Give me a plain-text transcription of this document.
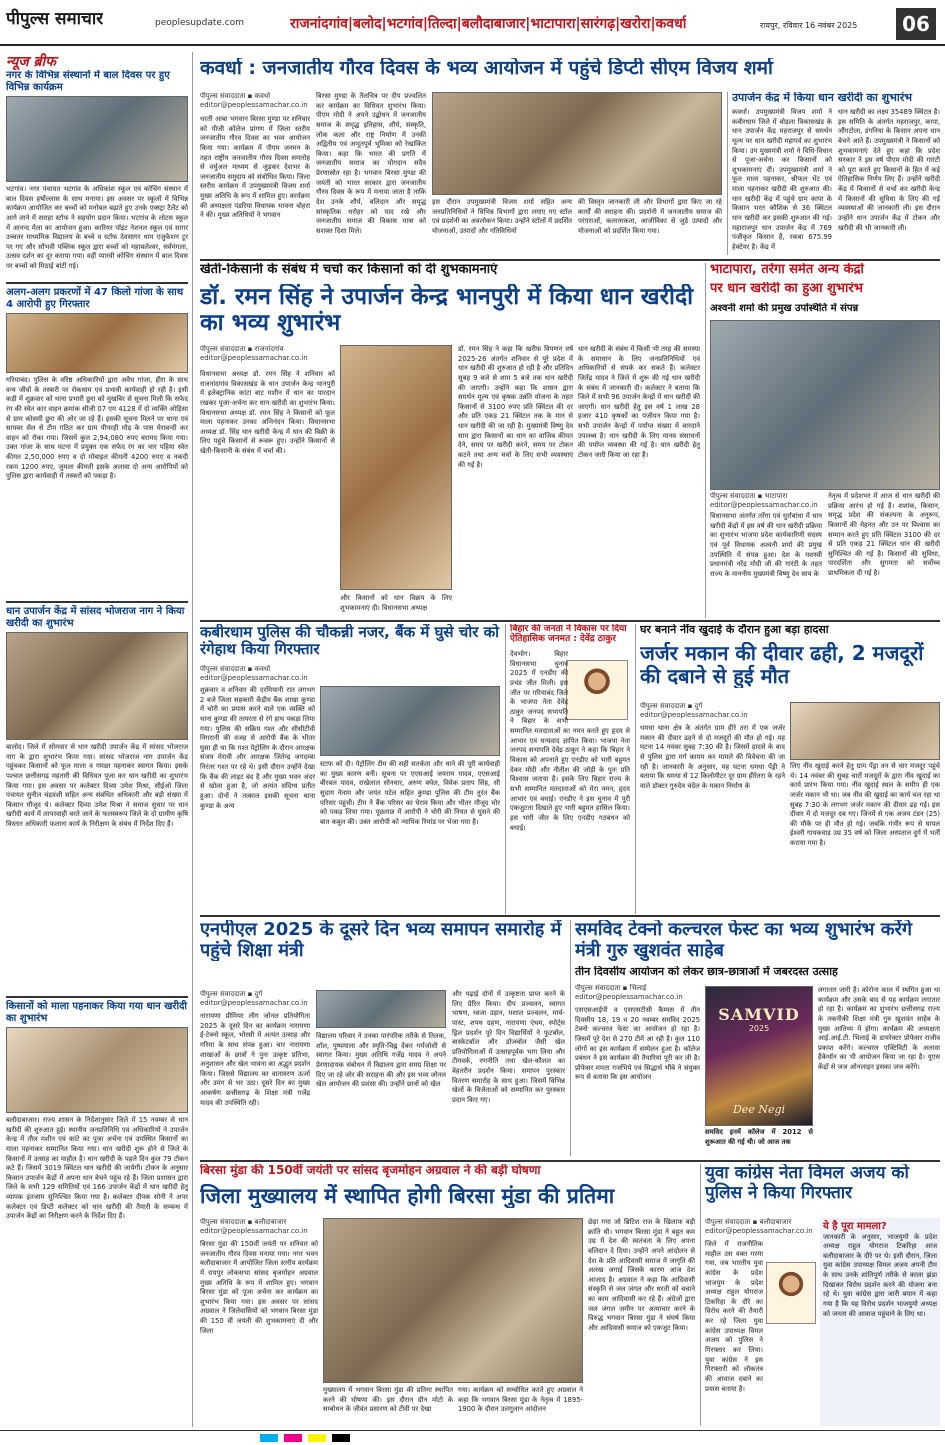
पीपुल्स समाचार	peoplesupdate.com	राजनांदगांव|बलोद|भटगांव|तिल्दा|बलौदाबाजार|भाटापारा|सारंगढ़|खरोरा|कवर्धा	रायपुर, रविवार 16 नवंबर 2025	06
न्यूज ब्रीफ
नगर के विभिन्न संस्थानों में बाल दिवस पर हुए विभिन्न कार्यक्रम
भटगांव। नगर पंचायत भटगांव के अधिकांश स्कूल एवं कोचिंग संस्थान में बाल दिवस हर्षोल्लास के साथ मनाया। इस अवसर पर स्कूलों में विभिन्न कार्यक्रम आयोजित कर बच्चों को मनोबल बढ़ाते हुए उनके एक्स्ट्रा टैलेंट को आगे लाने में सराहा स्टॉफ ने सहयोग प्रदान किया। भटगांव के लोटस स्कूल में आनन्द मेला का आयोजन हुआ। कारियर पॉइंट नेशनल स्कूल एवं सागर उच्चतर माध्यमिक विद्यालय के बच्चे व स्टॉफ देवसागर धाम एजुकेशन टूर पर गए और साँभवी पब्लिक स्कूल द्वारा बच्चों को महाबलेश्वर, सर्वमंगला, उत्सव दर्शन का दूर कराया गया। वहीं प्यारवी कोचिंग संस्थान में बाल दिवस पर बच्चों को मिठाई बांटी गई।
अलग-अलग प्रकरणों में 47 किलो गांजा के साथ 4 आरोपी हुए गिरफ्तार
गरियाबंद। पुलिस के वरिष्ठ अधिकारियों द्वारा अवैध गांजा, हीरा के साथ वन्य जीवों के तस्करी पर रोकथाम एवं प्रभावी कार्यवाही हो रही है। इसी कड़ी में शुक्रवार को थाना प्रभारी छुरा को मुखबिर से सूचना मिली कि सफेद रंग की स्वेत कार वाहन क्रमांक सीजी 07 एम 4128 में दो व्यक्ति ओड़िसा से ग्राम कोसमी छुरा की ओर जा रहे हैं। इसकी सूचना मिलने पर थाना एवं सायबर सेल से टीम गठित कर ग्राम पीपरही मोड़ के पास घेराबन्दी कर वाहन को रोका गया। जिसमें कुल 2,94,080 रुपए बरामद किया गया। उक्त गांजा के साथ घटना में प्रयुक्त एक सफेद रंग का चार पहिया स्वेत कीमत 2,50,000 रुपए व दो मोबाइल कीमती 4200 रुपए व नकदी रकम 1200 रुपए, जुमला कीमती इसके अलावा दो अन्य आरोपियों को पुलिस द्वारा कार्यवाही में तस्करों को पकड़ा है।
धान उपार्जन केंद्र में सांसद भोजराज नाग ने किया खरीदी का शुभारंभ
बालोद। जिले में सोमवार से धान खरीदी उपार्जन केंद्र में सांसद भोजराज नाग के द्वारा शुभारंभ किया गया। सांसद भोजराज नाग उपार्जन केंद्र पहुंचकर किसानों को फूल माला व गमछा पहनाकर स्वागत किया। इसके पश्चात छत्तीसगढ़ महतारी की विधिवत पूजा कर धान खरीदी का शुभारंभ किया गया। इस अवसर पर कलेक्टर दिव्या उमेश मिश्रा, सीईओ जिला पंचायत सुनील चंद्रवंशी सहित अन्य संबंधित अधिकारी और बड़ी संख्या में किसान मौजूद थे। कलेक्टर दिव्या उमेश मिश्रा ने समाज सुधार पर धान खरीदी कार्य में लापरवाही बरते जाने के फलस्वरूप जिले के दो ग्रामीण कृषि विस्तार अधिकारी फलाना कार्य के निरीक्षण के संबंध में निर्देश दिए हैं।
किसानों को माला पहनाकर किया गया धान खरीदी का शुभारंभ
बलौदाबाजार। राज्य शासन के निर्देशानुसार जिले में 15 नवम्बर से धान खरीदी की शुरुआत हुई। स्थानीय जनप्रतिनिधि एवं अधिकारियों ने उपार्जन केन्द्र में तौल मशीन एवं कांटे का पूजा अर्चना एवं उपस्थित किसानों का माला पहनाकर सम्मानित किया गया। धान खरीदी शुरू होने से जिले के किसानों में उत्साह का माहौल है। धान खरीदी के पहले दिन कुल 79 टोकन कटे हैं। जिसमें 3019 क्विंटल धान खरीदी की जायेगी। टोकन के अनुसार किसान उपार्जन केंद्रों में अपना धान बेचने पहुंच रहे हैं। जिला प्रशासन द्वारा जिले के सभी 129 समितियों एवं 166 उपार्जन केंद्रों में धान खरीदी हेतु व्यापक इंतजाम सुनिश्चित किया गया है। कलेक्टर दीपक सोनी ने अपर कलेक्टर एवं डिप्टी कलेक्टर को धान खरीदी की तैयारी के सम्बन्ध में उपार्जन केंद्रों का निरीक्षण करने के निर्देश दिए हैं।
कवर्धा : जनजातीय गौरव दिवस के भव्य आयोजन में पहुंचे डिप्टी सीएम विजय शर्मा
पीपुल्स संवाददाता ▪ कवर्धा
editor@peoplessamachar.co.in
धरती आबा भगवान बिरसा मुण्डा पर शनिवार को पीजी कॉलेज प्रांगण में जिला स्तरीय जनजातीय गौरव दिवस का भव्य आयोजन किया गया। कार्यक्रम में पीएम जनमन के तहत राष्ट्रीय जनजातीय गौरव दिवस समारोह से वर्चुअल माध्यम से जुड़कर देशभर के जनजातीय समुदाय को संबोधित किया। जिला स्तरीय कार्यक्रम में उपमुख्यमंत्री विजय शर्मा मुख्य अतिथि के रूप में शामिल हुए। कार्यक्रम की अध्यक्षता पंडरिया विधायक भावना बोहरा ने की। मुख्य अतिथियों ने भगवान
बिरसा मुण्डा के तैलचित्र पर दीप प्रज्वलित कर कार्यक्रम का विधिवत शुभारंभ किया। पीएम मोदी ने अपने उद्बोधन में जनजातीय समाज के समृद्ध इतिहास, शौर्य, संस्कृति, लोक कला और राष्ट्र निर्माण में उनकी अद्वितीय एवं अभूतपूर्व भूमिका को रेखांकित किया। कहा कि भारत की प्रगति में जनजातीय समाज का योगदान सदैव प्रेरणास्रोत रहा है। भगवान बिरसा मुण्डा की जयंती को भारत सरकार द्वारा जनजातीय गौरव दिवस के रूप में मनाया जाता है ताकि देश उनके शौर्य, बलिदान और समृद्ध सांस्कृतिक धरोहर को याद रखे और जनजातीय समाज की विकास यात्रा को सशक्त दिशा मिले।
इस दौरान उपमुख्यमंत्री विजय शर्मा सहित अन्य जनप्रतिनिधियों ने विभिन्न विभागों द्वारा लगाए गए स्टॉल एवं प्रदर्शनी का अवलोकन किया। उन्होंने स्टॉलों में प्रदर्शित योजनाओं, उत्पादों और गतिविधियों
की विस्तृत जानकारी ली और विभागों द्वारा किए जा रहे कार्यों की सराहना की। प्रदर्शनी में जनजातीय समाज की परंपराओं, कलात्मकता, आजीविका से जुड़े उत्पादों और योजनाओं को प्रदर्शित किया गया।
उपार्जन केंद्र में किया धान खरीदी का शुभारंभ
कवर्धा। उपमुख्यमंत्री विजय शर्मा ने कबीरधाम जिले में बोड़ला विकासखंड के धान उपार्जन केंद्र महराजपुर से समर्थन मूल्य पर धान खरीदी महापर्व का शुभारंभ किया। उप मुख्यमंत्री शर्मा ने विधि-विधान से पूजा-अर्चना कर किसानों को शुभकामनाएं दीं। उपमुख्यमंत्री शर्मा ने फूल माला पहनाकर, श्रीफल भेंट एवं माला पहनाकर खरीदी की शुरुआत की। धान खरीदी केंद्र में पहुंचे ग्राम कापा के किसान भरत कौशिक से 36 क्विंटल धान खरीदी कर इसकी शुरुआत की गई। महाराजपुर धान उपार्जन केंद्र में 769 पंजीकृत किसान है, रकबा 675.99 हेक्टेयर है। केंद्र में
धान खरीदी का लक्ष्य 35489 क्विंटल है। इस समिति के अंतर्गत महराजपुर, कापा, जौंगटोला, डंगनिया के किसान अपना धान बेचने आते हैं। उपमुख्यमंत्री ने किसानों को शुभकामनाएं देते हुए कहा कि प्रदेश सरकार ने इस वर्ष पीएम मोदी की गारंटी को पूरा करते हुए किसानों के हित में कई ऐतिहासिक निर्णय लिए हैं। उन्होंने खरीदी केंद्र में किसानों से चर्चा कर खरीदी केन्द्र में किसानों की सुविधा के लिए की गई व्यवस्थाओं की जानकारी ली। इस दौरान उन्होंने धान उपार्जन केंद्र में टोकन और खरीदी की भी जानकारी ली।
खेती-किसानी के संबंध में चर्चा कर किसानों को दी शुभकामनाएं
डॉ. रमन सिंह ने उपार्जन केन्द्र भानपुरी में किया धान खरीदी का भव्य शुभारंभ
पीपुल्स संवाददाता ▪ राजनांदगांव
editor@peoplessamachar.co.in
विधानसभा अध्यक्ष डॉ. रमन सिंह ने शनिवार को राजनांदगांव विकासखंड के धान उपार्जन केन्द्र भानपुरी में इलेक्ट्रानिक कांटा बाट मशीन में धान का पारदान रखकर पूजा-अर्चना कर धान खरीदी का शुभारंभ किया। विधानसभा अध्यक्ष डॉ. रमन सिंह ने किसानों को फूल माला पहनाकर उनका अभिनंदन किया। विधानसभा अध्यक्ष डॉ. सिंह धान खरीदी केन्द्र में धान की बिक्री के लिए पहुंचे किसानों से रूबरू हुए। उन्होंने किसानों से खेती-किसानी के संबंध में चर्चा की।
और किसानों को धान विक्रय के लिए शुभकामनाएं दी। विधानसभा अध्यक्ष
डॉ. रमन सिंह ने कहा कि खरीफ विपणन वर्ष 2025-26 अंतर्गत शनिवार से पूरे प्रदेश में धान खरीदी की शुरुआत हो रही है और प्रतिदिन सुबह 9 बजे से शाम 5 बजे तक धान खरीदी की जाएगी। उन्होंने कहा कि शासन द्वारा समर्थन मूल्य एवं कृषक उन्नति योजना के तहत किसानों से 3100 रुपए प्रति क्विंटल की दर और प्रति एकड़ 21 क्विंटल तक के मान से धान खरीदी की जा रही है। मुख्यमंत्री विष्णु देव साय द्वारा किसानों का धान का वाजिब कीमत देने, समय पर खरीदी करने, समय पर टोकन कटने तथा अन्य चर्चा के लिए सभी व्यवस्थाएं की गई है।
धान खरीदी के संबंध में किसी भी तरह की समस्या के समाधान के लिए जनप्रतिनिधियों एवं अधिकारियों से संपर्क कर सकते हैं। कलेक्टर जितेंद्र यादव ने जिले में शुरू की गई धान खरीदी के संबंध में जानकारी दी। कलेक्टर ने बताया कि जिले में सभी 96 उपार्जन केन्द्रों में धान खरीदी की जाएगी। धान खरीदी हेतु इस वर्ष 1 लाख 28 हजार 410 कृषकों का पंजीयन किया गया है। सभी उपार्जन केन्द्रों में पर्याप्त संख्या में बारदाने उपलब्ध है। धान खरीदी के लिए मानव संसाधनों की पर्याप्त व्यवस्था की गई है। धान खरीदी हेतु टोकन जारी किया जा रहा है।
भाटापारा, तरेंगा समेत अन्य केंद्रों
पर धान खरीदी का हुआ शुभारंभ
अश्वनी शर्मा की प्रमुख उपस्थिति में संपन्न
पीपुल्स संवाददाता ▪ भाटापारा
editor@peoplessamachar.co.in
विधानसभा अंतर्गत तरेंगा एवं धुर्राबांधा में धान खरीदी केंद्रों में इस वर्ष की धान खरीदी प्रक्रिया का शुभारंभ भाजपा प्रदेश कार्यकारिणी सदस्य एवं पूर्व विधायक अश्वनी शर्मा की प्रमुख उपस्थिति में संपन्न हुआ। देश के यशस्वी प्रधानमंत्री नरेंद्र मोदी जी की गारंटी के तहत राज्य के माननीय मुख्यमंत्री विष्णु देव साय के
नेतृत्व में प्रदेशभर में आज से धान खरीदी की प्रक्रिया आरंभ हो गई है। शशांक, किसान, समृद्ध प्रदेश की संकल्पना के अनुरूप, किसानों की मेहनत और उन पर विश्वास का सम्मान करते हुए प्रति क्विंटल 3100 की दर से प्रति एकड़ 21 क्विंटल धान की खरीदी सुनिश्चित की गई है। किसानों की सुविधा, पारदर्शिता और सुगमता को सर्वोच्च प्राथमिकता दी गई है।
कबीरधाम पुलिस की चौकन्नी नजर, बैंक में घुसे चोर को रंगेहाथ किया गिरफ्तार
पीपुल्स संवाददाता ▪ कवर्धा
editor@peoplessamachar.co.in
शुक्रवार व शनिवार की दरमियानी रात लगभग 2 बजे जिला सहकारी केंद्रीय बैंक शाखा कुण्डा में चोरी का प्रयास करने वाले एक व्यक्ति को थाना कुण्डा की तत्परता से रंगे हाथ पकड़ा लिया गया। पुलिस की सक्रिय गश्त और सीसीटीवी निगरानी की वजह से आरोपी बैंक के भीतर घुसा ही था कि गश्त पेट्रोलिंग के दौरान आरक्षक संजय मेरावी और आरक्षक जितेन्द्र जगदम्बा निरंतर गश्त पर रहे थे। इसी दौरान उन्होंने देखा कि बैंक की लाइट बंद है और मुख्य भवन अंदर से खोला हुआ है, जो अत्यंत संदिग्ध प्रतीत हुआ। दोनों ने तत्काल इसकी सूचना थाना कुण्डा के अन्य
स्टाफ को दी। पेट्रोलिंग टीम की सही सतर्कता और थाने की पूरी कार्यवाही का मुख्य कारण बनी। सूचना पर एएसआई जयराम यादव, एएसआई बीरबल यादव, राखेलाल सोनवार, अरुण बघेल, विवेक प्रताप सिंह, सी सुदाम नेताम और जयंत पटेल सहित कुण्डा पुलिस की टीम तुरंत बैंक परिसर पहुंची। टीम ने बैंक परिसर का घेराव किया और भीतर मौजूद चोर को पकड़ लिया गया। पूछताछ में आरोपी ने चोरी की नियत से घुसने की बात कबूल की। उक्त आरोपी को न्यायिक रिमांड पर भेजा गया है।
बिहार की जनता ने विकास पर दिया ऐतिहासिक जनमत : देवेंद्र ठाकुर
देवभोग। बिहार विधानसभा चुनाव 2025 में एनडीए की प्रचंड जीत मिली। इस जीत पर गरियाबंद जिले के भाजपा नेता देवेंद्र ठाकुर जनपद सभापति ने बिहार के सभी सम्मानित मतदाताओं का नमन करते हुए हृदय से आभार एवं धन्यवाद ज्ञापित किया। भाजपा नेता जनपद सभापति देवेंद्र ठाकुर ने कहा कि बिहार ने विकास को अपनाते हुए एनडीए को भारी बहुमत देकर मोदी और नीतीश की जोड़ी के पुनः प्रति विश्वास जताया है। इसके लिए बिहार राज्य के सभी सम्मानित मतदाताओं को मेरा नमन, हृदय आभार एवं बधाई। एनडीए ने इस चुनाव में पूरी एकजुटता दिखाते हुए भारी बहुमत हासिल किया। इस भारी जीत के लिए एनडीए गठबंधन को बधाई।
घर बनाने नींव खुदाई के दौरान हुआ बड़ा हादसा
जर्जर मकान की दीवार ढही, 2 मजदूरों की दबाने से हुई मौत
पीपुल्स संवाददाता ▪ दुर्ग
editor@peoplessamachar.co.in
धमधा थाना क्षेत्र के अंतर्गत ग्राम हीरे तरा में एक जर्जर मकान की दीवार ढहने से दो मजदूरों की मौत हो गई। यह घटना 14 नवंबर सुबह 7:30 की है। जिसमें हादसे के बाद से पुलिस द्वारा मर्ग कायम कर मामले की विवेचना की जा रही है। जानकारी के अनुसार, यह घटना धमधा पेंड्री ने बताया कि धमधा से 12 किलोमीटर दूर ग्राम हीरेतरा के रहने वाले डॉक्टर गुरुदेव चंदेल के मकान निर्माण के
लिए नींव खुदाई करने हेतु ग्राम पेंड्रा तन से चार मजदूर पहुंचे थे। 14 नवंबर की सुबह चारों मजदूरों के द्वारा नींव खुदाई का कार्य प्रारंभ किया गया। नींव खुदाई स्थल के समीप ही एक जर्जर मकान भी था। जब नींव की खुदाई का कार्य चल रहा था सुबह 7:30 के लगभग जर्जर मकान की दीवार ढह गई। इस दीवार में दो मजदूर दब गए। जिनमें से एक अजय टंडन (25) की मौके पर ही मौत हो गई। जबकि गंभीर रूप से घायल ईश्वरी गायकवाड़ उम्र 35 वर्ष को जिला अस्पताल दुर्ग में भर्ती कराया गया है।
एनपीएल 2025 के दूसरे दिन भव्य समापन समारोह में पहुंचे शिक्षा मंत्री
पीपुल्स संवाददाता ▪ दुर्ग
editor@peoplessamachar.co.in
नारायणा प्रीमियर लीग जोनल प्रतियोगिता 2025 के दूसरे दिन का कार्यक्रम नारायणा ई-टेक्नो स्कूल, भोरसी में अत्यंत उत्साह और गरिमा के साथ संपन्न हुआ। चार नारायणा शाखाओं के छात्रों ने पुनः उत्कृष्ट प्रतिभा, अनुशासन और खेल भावना का अद्भुत प्रदर्शन किया। जिससे विद्यालय का वातावरण ऊर्जा और उमंग से भर उठा। दूसरे दिन का मुख्य आकर्षण छत्तीसगढ़ के शिक्षा मंत्री गजेंद्र यादव की उपस्थिति रही।
विद्यालय परिवार ने उनका पारंपरिक तरीके से तिलक, शॉल, पुष्पमाला और स्मृति-चिह्न देकर गर्मजोशी से स्वागत किया। मुख्य अतिथि गजेंद्र यादव ने अपने प्रेरणादायक संबोधन में विद्यालय द्वारा समग्र शिक्षा पर दिए जा रहे जोर की सराहना की और इस भव्य जोनल खेल आयोजन की प्रशंसा की। उन्होंने छात्रों को खेल
और पढ़ाई दोनों में उत्कृष्टता प्राप्त करने के लिए प्रेरित किया। दीप प्रज्वलन, स्वागत भाषण, ध्वजा उड़ान, मशाल प्रज्वलन, मार्च-पास्ट, शपथ ग्रहण, नारायणा एंथम, स्पोर्ट्स ड्रिल प्रदर्शन पूरे दिन विद्यार्थियों ने फुटबॉल, बास्केटबॉल और डॉजबॉल जैसी खेल प्रतियोगिताओं में उत्साहपूर्वक भाग लिया और टीमवर्क, रणनीति तथा खेल-कौशल का बेहतरीन प्रदर्शन किया। समापन पुरस्कार वितरण समारोह के साथ हुआ। जिसमें विभिन्न खेलों के विजेताओं को सम्मानित कर पुरस्कार प्रदान किए गए।
समविद टेक्नो कल्चरल फेस्ट का भव्य शुभारंभ करेंगे मंत्री गुरु खुशवंत साहेब
तीन दिवसीय आयोजन को लेकर छात्र-छात्राओं में जबरदस्त उत्साह
पीपुल्स संवाददाता ▪ भिलाई
editor@peoplessamachar.co.in
एसएसआईपी व एसएसटीसी कैम्पस में तीन दिवसीय 18, 19 व 20 नवम्बर समविद 2025 टेक्नो कल्चरल फेस्ट का आयोजन हो रहा है। जिसमें पूरे देश से 270 टीमें आ रही है। कुल 110 लोगों का इस कार्यक्रम में सम्मेलन हुआ है। कॉलेज प्रबंधन ने इस कार्यक्रम की तैयारियां पूरी कर ली है। प्रोफेसर ममता गजभिये एवं सिद्धार्थ भींबे ने संयुक्त रूप से बताया कि इस आयोजन
SAMVID
2025
Dee Negi
समविद इनमें कॉलेज में 2012 से शुरूआत की गई थी। जो आज तक
लगातार जारी है। कोरोना काल में स्थगित हुआ था कार्यक्रम और उसके बाद से यह कार्यक्रम लगातार हो रहा है। कार्यक्रम का शुभारंभ छत्तीसगढ़ राज्य के तकनीकी शिक्षा मंत्री गुरु खुशवंत साहेब के मुख्य आतिथ्य में होगा। कार्यक्रम की अध्यक्षता आई.आई.टी. भिलाई के डायरेक्टर प्रोफेसर राजीव प्रकाश करेंगे। कल्चरल एक्टिविटी के अलावा हैकेथॉन का भी आयोजन किया जा रहा है। यूएस केंद्रों से जज ऑनलाइन इसका जज करेंगे।
बिरसा मुंडा की 150वीं जयंती पर सांसद बृजमोहन अग्रवाल ने की बड़ी घोषणा
जिला मुख्यालय में स्थापित होगी बिरसा मुंडा की प्रतिमा
पीपुल्स संवाददाता ▪ बलौदाबाजार
editor@peoplessamachar.co.in
बिरसा मुंडा की 150वीं जयंती पर शनिवार को जनजातीय गौरव दिवस मनाया गया। नगर भवन बलौदाबाजार में आयोजित जिला स्तरीय कार्यक्रम में रायपुर लोकसभा सांसद बृजमोहन अग्रवाल मुख्य अतिथि के रूप में शामिल हुए। भगवान बिरसा मुंडा को पूजा अर्चना कर कार्यक्रम का शुभारंभ किया गया। इस अवसर पर सांसद अग्रवाल ने जिलेवासियों को भगवान बिरसा मुंडा की 150 वीं जयंती की शुभकामनाएं दी और जिला
मुख्यालय में भगवान बिरसा मुंडा की प्रतिमा स्थापित करने की घोषणा की। इस दौरान ग्रीन मोटो के सम्बोधन के जीवंत प्रसारण को टीवी पर देखा
गया। कार्यक्रम को सम्बोधित करते हुए अग्रवाल ने कहा कि भगवान बिरसा मुंडा के नेतृत्व में 1895-1900 के दौरान उलगुलान आंदोलन
छेड़ा गया जो ब्रिटिश राज के खिलाफ बड़ी क्रांति थी। भगवान बिरसा मुंडा ने बहुत कम उम्र में देश की स्वतंत्रता के लिए अपना बलिदान दे दिया। उन्होंने अपने आंदोलन से देश के प्रति आदिवासी समाज में जागृति की अलख जगाई जिसके कारण आज देश आजाद है। अग्रवाल ने कहा कि आदिवासी संस्कृति से जल जंगल और धरती को बचाने का काम आदिवासी कर रहे हैं। अंग्रेजों द्वारा जल जंगल जमीन पर अत्याचार करने के विरुद्ध भगवान बिरसा मुंडा ने संघर्ष किया और आदिवासी समाज को एकजुट किया।
युवा कांग्रेस नेता विमल अजय को पुलिस ने किया गिरफ्तार
पीपुल्स संवाददाता ▪ बलौदाबाजार
editor@peoplessamachar.co.in
जिले में राजनीतिक माहौल उस वक्त गरमा गया, जब भारतीय युवा कांग्रेस के प्रदेश भाजयुम के प्रदेश अध्यक्ष राहुल योगराज टिकरिहा के दौरे का विरोध करने की तैयारी कर रहे जिला युवा कांग्रेस उपाध्यक्ष विमल अजय को पुलिस ने गिरफ्तार कर लिया। युवा कांग्रेस ने इस गिरफ्तारी को लोकतंत्र की आवाज दबाने का प्रयास बताया है।
ये है पूरा मामला?
जानकारी के अनुसार, भाजयुमो के प्रदेश अध्यक्ष राहुल योगराज टिकरिहा आज बलौदाबाजार के दौरे पर थे। इसी दौरान, जिला युवा कांग्रेस उपाध्यक्ष विमल अजय अपनी टीम के साथ उनके शांतिपूर्ण तरीके से काला झंडा दिखाकर विरोध प्रदर्शन करने की योजना बना रहे थे। युवा कांग्रेस द्वारा जारी बयान में कहा गया है कि यह विरोध प्रदर्शन भाजयुमो अध्यक्ष को जनता की आवाज पहुंचाने के लिए था।
